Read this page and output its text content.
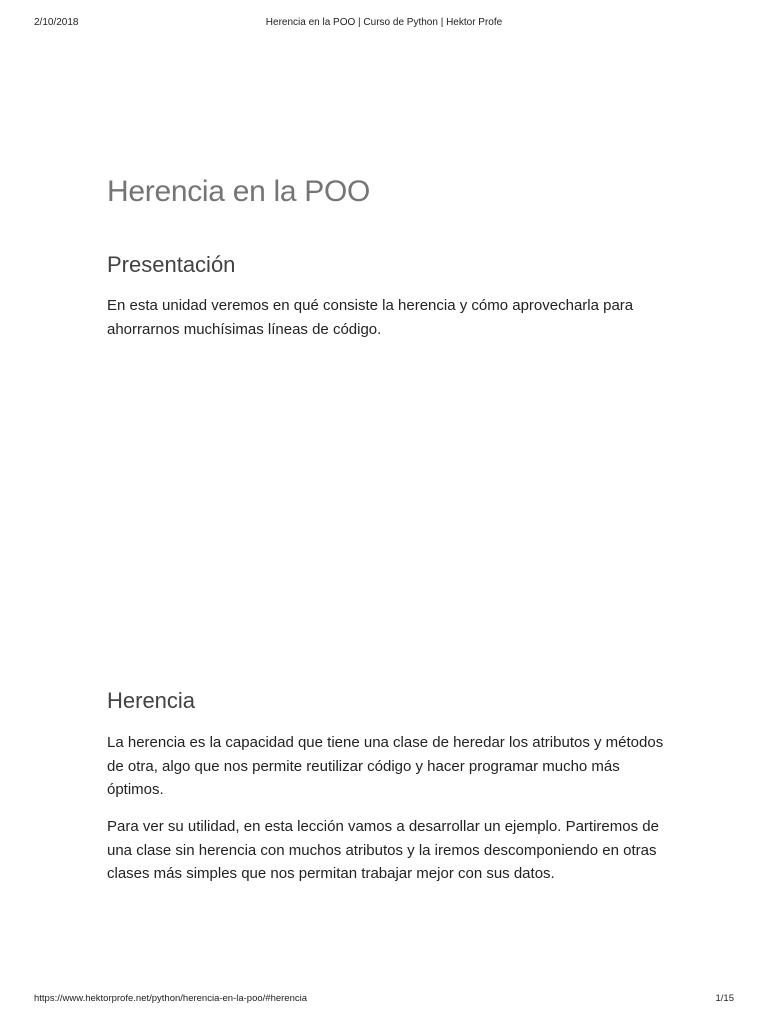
2/10/2018	Herencia en la POO | Curso de Python | Hektor Profe
Herencia en la POO
Presentación

En esta unidad veremos en qué consiste la herencia y cómo aprovecharla para ahorrarnos muchísimas líneas de código.

Herencia

La herencia es la capacidad que tiene una clase de heredar los atributos y métodos de otra, algo que nos permite reutilizar código y hacer programar mucho más óptimos.

Para ver su utilidad, en esta lección vamos a desarrollar un ejemplo. Partiremos de una clase sin herencia con muchos atributos y la iremos descomponiendo en otras clases más simples que nos permitan trabajar mejor con sus datos.

https://www.hektorprofe.net/python/herencia-en-la-poo/#herencia	1/15
